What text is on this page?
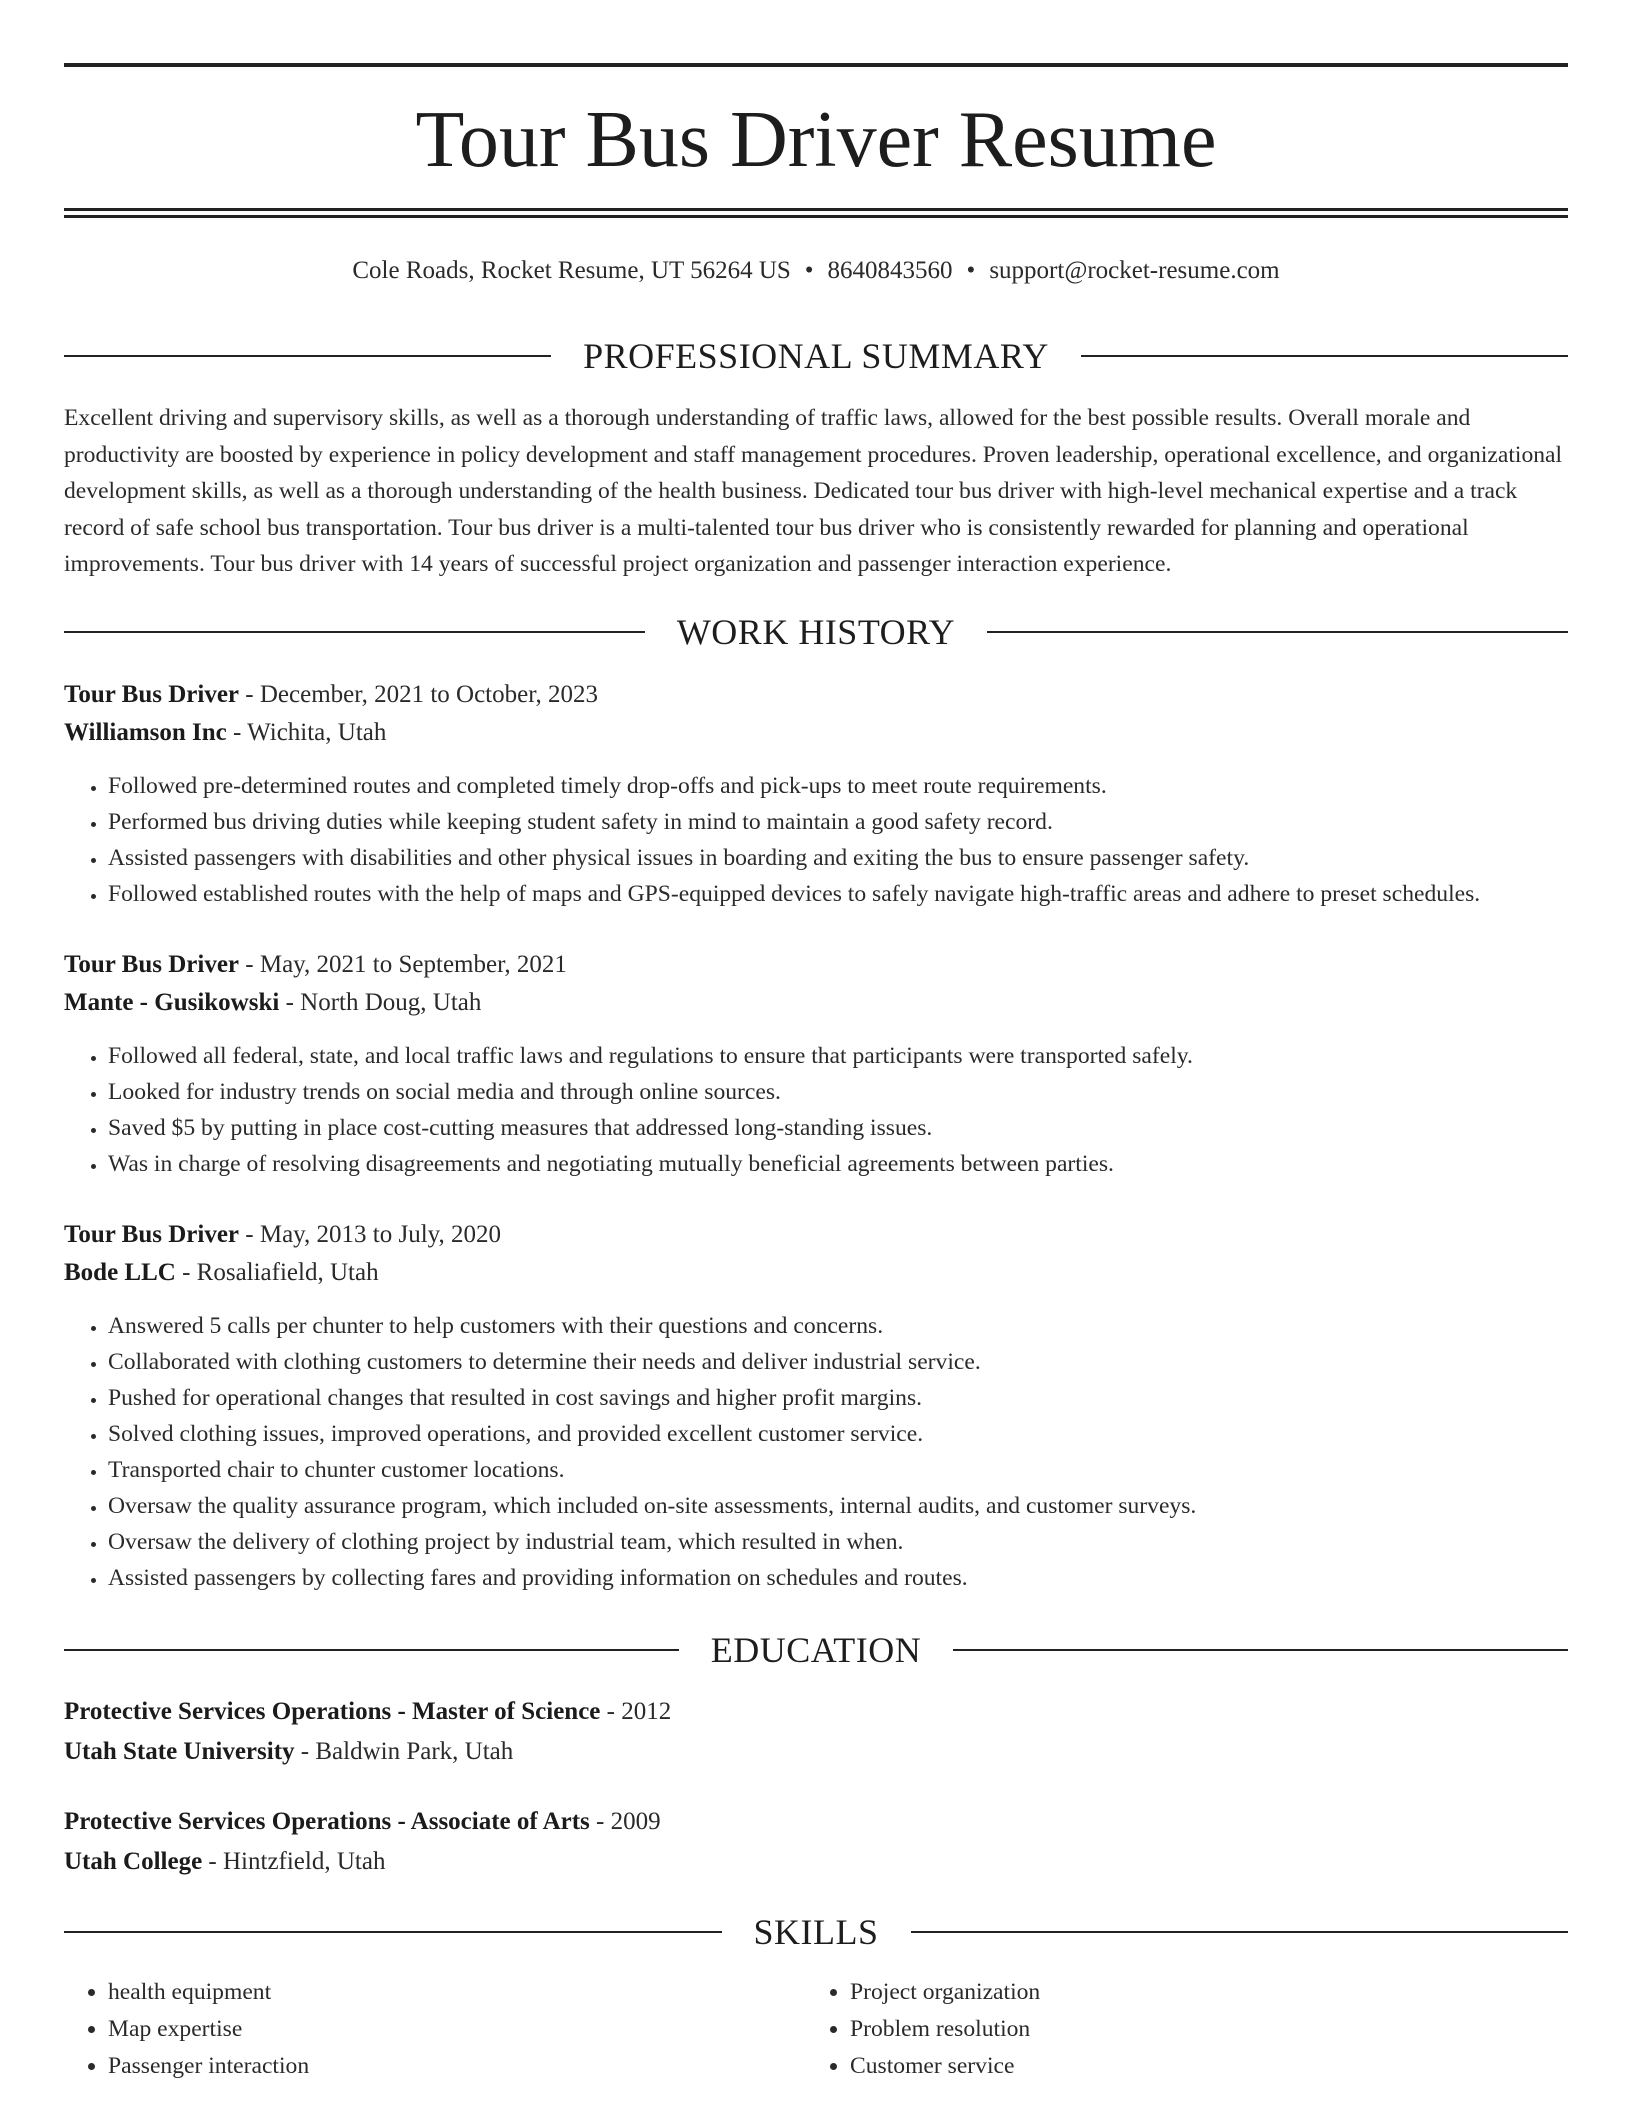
Tour Bus Driver Resume
Cole Roads, Rocket Resume, UT 56264 US • 8640843560 • support@rocket-resume.com
PROFESSIONAL SUMMARY

Excellent driving and supervisory skills, as well as a thorough understanding of traffic laws, allowed for the best possible results. Overall morale and productivity are boosted by experience in policy development and staff management procedures. Proven leadership, operational excellence, and organizational development skills, as well as a thorough understanding of the health business. Dedicated tour bus driver with high-level mechanical expertise and a track record of safe school bus transportation. Tour bus driver is a multi-talented tour bus driver who is consistently rewarded for planning and operational improvements. Tour bus driver with 14 years of successful project organization and passenger interaction experience.

WORK HISTORY
Tour Bus Driver - December, 2021 to October, 2023
Williamson Inc - Wichita, Utah
• Followed pre-determined routes and completed timely drop-offs and pick-ups to meet route requirements.
• Performed bus driving duties while keeping student safety in mind to maintain a good safety record.
• Assisted passengers with disabilities and other physical issues in boarding and exiting the bus to ensure passenger safety.
• Followed established routes with the help of maps and GPS-equipped devices to safely navigate high-traffic areas and adhere to preset schedules.
Tour Bus Driver - May, 2021 to September, 2021
Mante - Gusikowski - North Doug, Utah
• Followed all federal, state, and local traffic laws and regulations to ensure that participants were transported safely.
• Looked for industry trends on social media and through online sources.
• Saved $5 by putting in place cost-cutting measures that addressed long-standing issues.
• Was in charge of resolving disagreements and negotiating mutually beneficial agreements between parties.
Tour Bus Driver - May, 2013 to July, 2020
Bode LLC - Rosaliafield, Utah
• Answered 5 calls per chunter to help customers with their questions and concerns.
• Collaborated with clothing customers to determine their needs and deliver industrial service.
• Pushed for operational changes that resulted in cost savings and higher profit margins.
• Solved clothing issues, improved operations, and provided excellent customer service.
• Transported chair to chunter customer locations.
• Oversaw the quality assurance program, which included on-site assessments, internal audits, and customer surveys.
• Oversaw the delivery of clothing project by industrial team, which resulted in when.
• Assisted passengers by collecting fares and providing information on schedules and routes.
EDUCATION
Protective Services Operations - Master of Science - 2012
Utah State University - Baldwin Park, Utah
Protective Services Operations - Associate of Arts - 2009
Utah College - Hintzfield, Utah
SKILLS
• health equipment
• Map expertise
• Passenger interaction
• Project organization
• Problem resolution
• Customer service
